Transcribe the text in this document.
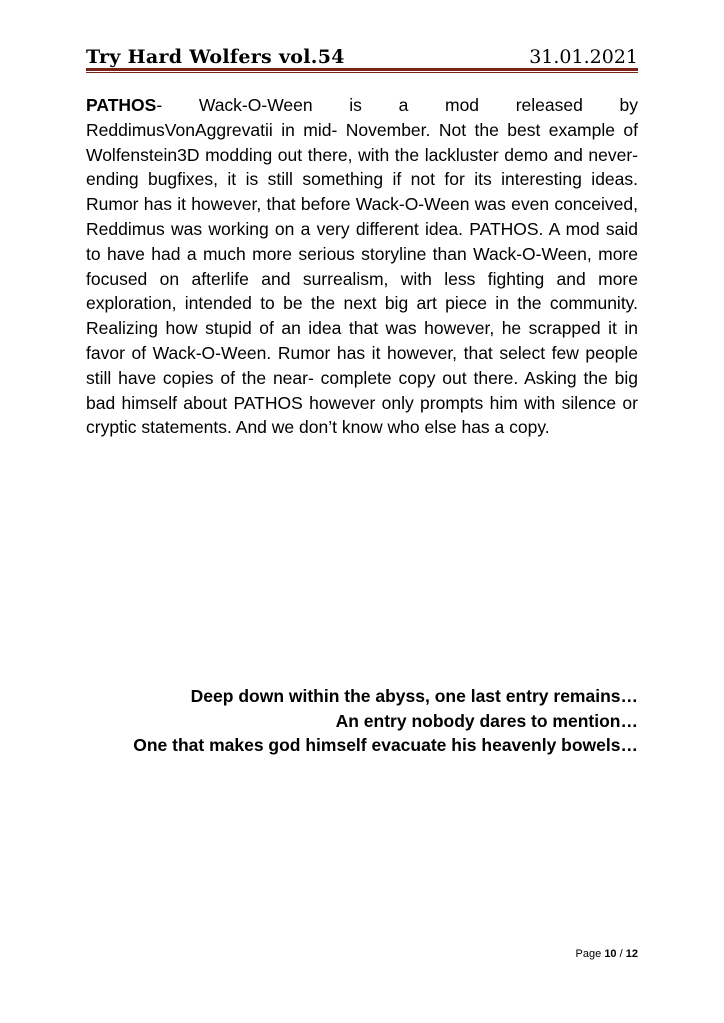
Try Hard Wolfers vol.54	31.01.2021
PATHOS- Wack-O-Ween is a mod released by ReddimusVonAggrevatii in mid- November. Not the best example of Wolfenstein3D modding out there, with the lackluster demo and never-ending bugfixes, it is still something if not for its interesting ideas. Rumor has it however, that before Wack-O-Ween was even conceived, Reddimus was working on a very different idea. PATHOS. A mod said to have had a much more serious storyline than Wack-O-Ween, more focused on afterlife and surrealism, with less fighting and more exploration, intended to be the next big art piece in the community. Realizing how stupid of an idea that was however, he scrapped it in favor of Wack-O-Ween. Rumor has it however, that select few people still have copies of the near- complete copy out there. Asking the big bad himself about PATHOS however only prompts him with silence or cryptic statements. And we don’t know who else has a copy.
Deep down within the abyss, one last entry remains…
An entry nobody dares to mention…
One that makes god himself evacuate his heavenly bowels…
Page 10 / 12
